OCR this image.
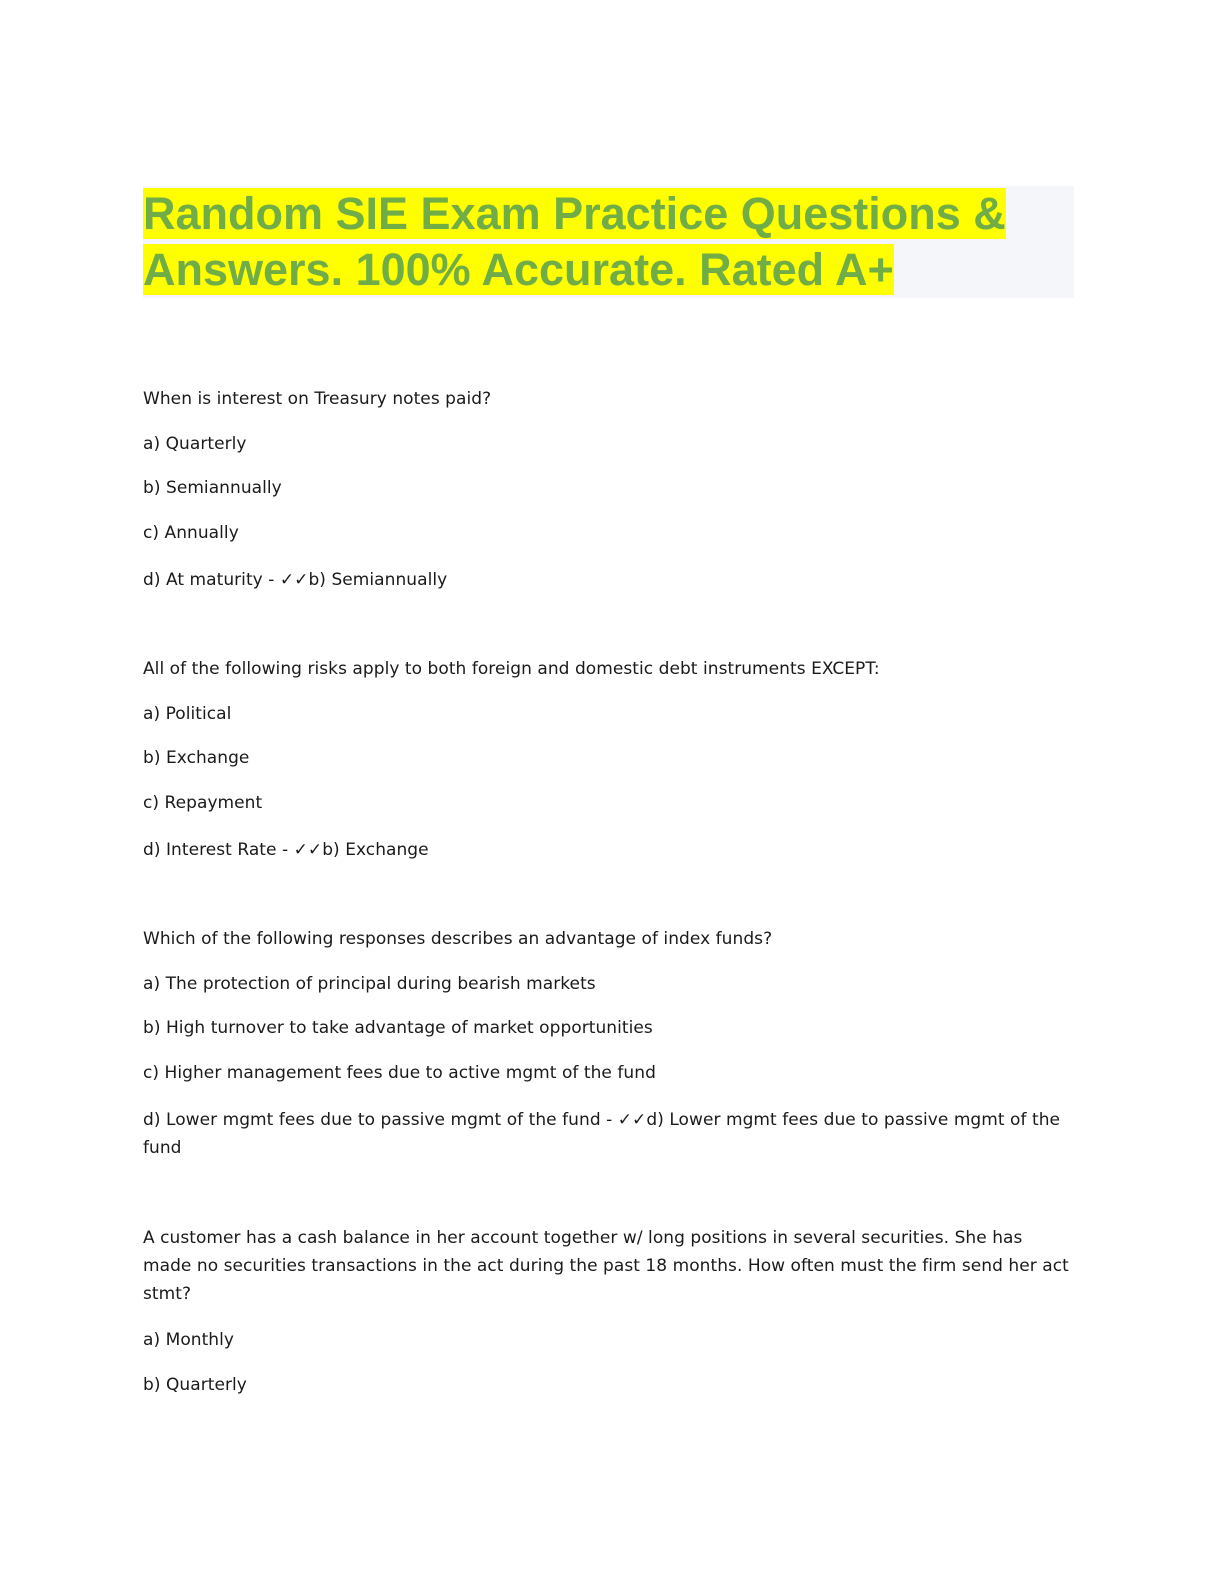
Random SIE Exam Practice Questions & Answers. 100% Accurate. Rated A+

When is interest on Treasury notes paid?

a) Quarterly

b) Semiannually

c) Annually

d) At maturity - ✓✓b) Semiannually

All of the following risks apply to both foreign and domestic debt instruments EXCEPT:

a) Political

b) Exchange

c) Repayment

d) Interest Rate - ✓✓b) Exchange

Which of the following responses describes an advantage of index funds?

a) The protection of principal during bearish markets

b) High turnover to take advantage of market opportunities

c) Higher management fees due to active mgmt of the fund

d) Lower mgmt fees due to passive mgmt of the fund - ✓✓d) Lower mgmt fees due to passive mgmt of the fund

A customer has a cash balance in her account together w/ long positions in several securities. She has made no securities transactions in the act during the past 18 months. How often must the firm send her act stmt?

a) Monthly

b) Quarterly
